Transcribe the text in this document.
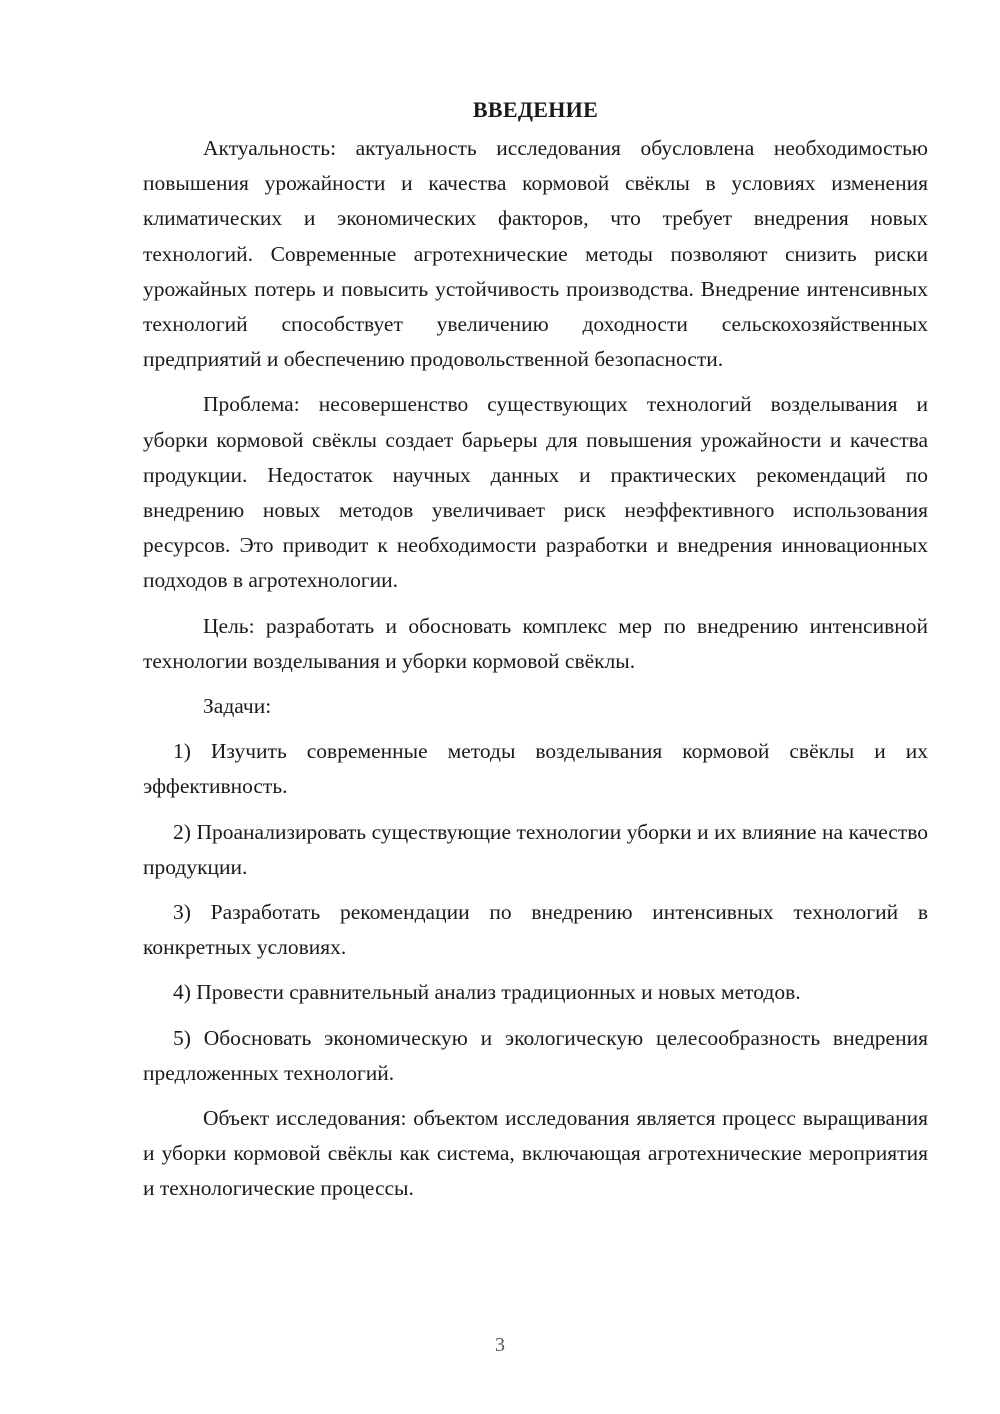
ВВЕДЕНИЕ

Актуальность: актуальность исследования обусловлена необходимостью повышения урожайности и качества кормовой свёклы в условиях изменения климатических и экономических факторов, что требует внедрения новых технологий. Современные агротехнические методы позволяют снизить риски урожайных потерь и повысить устойчивость производства. Внедрение интенсивных технологий способствует увеличению доходности сельскохозяйственных предприятий и обеспечению продовольственной безопасности.

Проблема: несовершенство существующих технологий возделывания и уборки кормовой свёклы создает барьеры для повышения урожайности и качества продукции. Недостаток научных данных и практических рекомендаций по внедрению новых методов увеличивает риск неэффективного использования ресурсов. Это приводит к необходимости разработки и внедрения инновационных подходов в агротехнологии.

Цель: разработать и обосновать комплекс мер по внедрению интенсивной технологии возделывания и уборки кормовой свёклы.

Задачи:

1) Изучить современные методы возделывания кормовой свёклы и их эффективность.

2) Проанализировать существующие технологии уборки и их влияние на качество продукции.

3) Разработать рекомендации по внедрению интенсивных технологий в конкретных условиях.

4) Провести сравнительный анализ традиционных и новых методов.

5) Обосновать экономическую и экологическую целесообразность внедрения предложенных технологий.

Объект исследования: объектом исследования является процесс выращивания и уборки кормовой свёклы как система, включающая агротехнические мероприятия и технологические процессы.

3
